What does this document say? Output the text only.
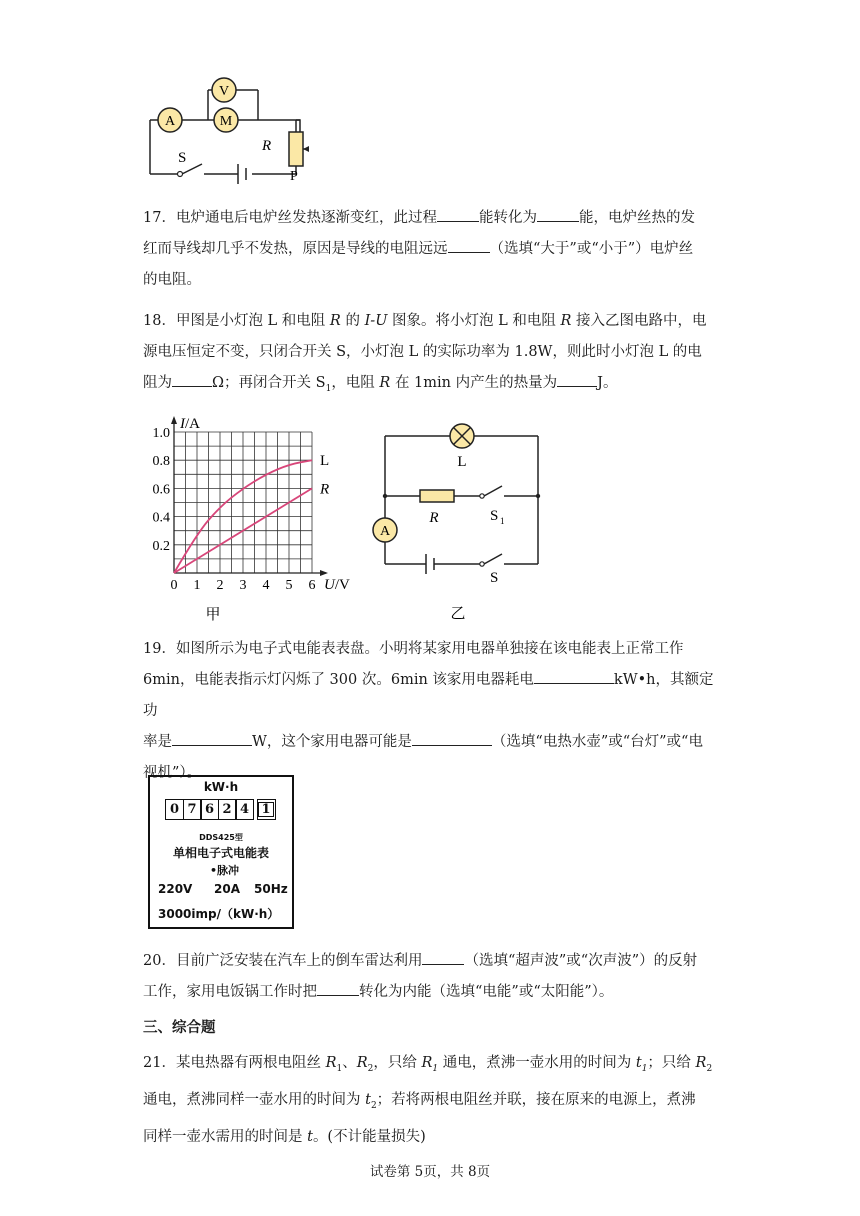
A
V
M
S
R
P

17．电炉通电后电炉丝发热逐渐变红，此过程	能转化为	能，电炉丝热的发

红而导线却几乎不发热，原因是导线的电阻远远	（选填“大于”或“小于”）电炉丝

的电阻。

18．甲图是小灯泡 L 和电阻 R 的 I-U 图象。将小灯泡 L 和电阻 R 接入乙图电路中，电

源电压恒定不变，只闭合开关 S，小灯泡 L 的实际功率为 1.8W，则此时小灯泡 L 的电

阻为	Ω；再闭合开关 $S_1$，电阻 R 在 1min 内产生的热量为	J。

0 1 2 3 4 5 6
0.2
0.4
0.6
0.8
1.0
I/A
U/V
L
R
甲
A
L
R	S 1
S
乙

19．如图所示为电子式电能表表盘。小明将某家用电器单独接在该电能表上正常工作

6min，电能表指示灯闪烁了 300 次。6min 该家用电器耗电	kW•h，其额定功

率是	W，这个家用电器可能是	（选填“电热水壶”或“台灯”或“电

视机”）。

kW·h
0 7 6 2 4 1
DDS425型
单相电子式电能表
•脉冲
220V 20A 50Hz
3000imp/（kW·h）

20．目前广泛安装在汽车上的倒车雷达利用	（选填“超声波”或“次声波”）的反射

工作，家用电饭锅工作时把	转化为内能（选填“电能”或“太阳能”）。

三、综合题

21．某电热器有两根电阻丝 $R_1$、$R_2$，只给 $R_1$ 通电，煮沸一壶水用的时间为 $t_1$；只给 $R_2$

通电，煮沸同样一壶水用的时间为 $t_2$；若将两根电阻丝并联，接在原来的电源上，煮沸

同样一壶水需用的时间是 t。(不计能量损失)

试卷第 5页，共 8页
